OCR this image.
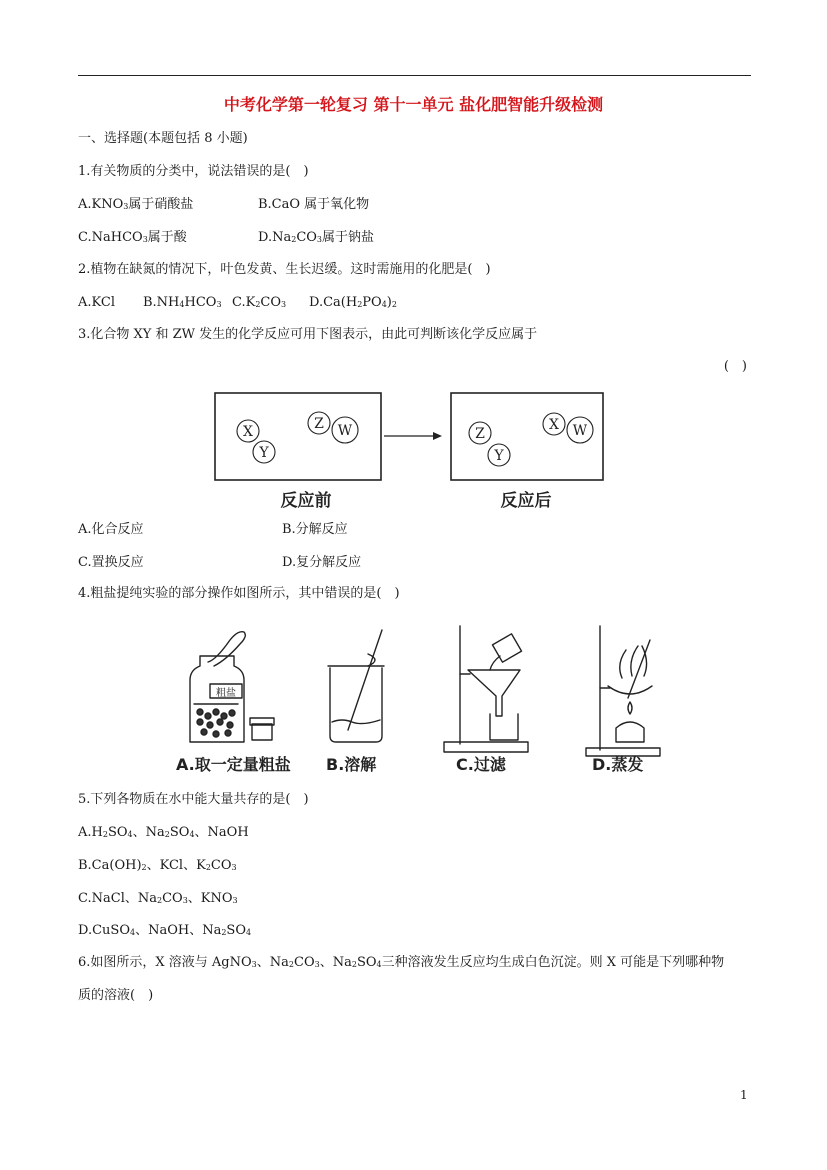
中考化学第一轮复习 第十一单元 盐化肥智能升级检测
一、选择题(本题包括 8 小题)
1.有关物质的分类中，说法错误的是(　)
$A.KNO_3$属于硝酸盐	B.CaO 属于氧化物
C.NaHCO$_3$属于酸	$D.Na_2CO_3$属于钠盐
2.植物在缺氮的情况下，叶色发黄、生长迟缓。这时需施用的化肥是(　)
A.KCl $B.NH_4HCO_3$ $C.K_2CO_3$ $D.Ca(H_2PO_4)_2$
3.化合物 XY 和 ZW 发生的化学反应可用下图表示，由此可判断该化学反应属于
(　)
X
Y
Z W	Z
Y
X W
反应前	反应后
A.化合反应	B.分解反应
C.置换反应	D.复分解反应
4.粗盐提纯实验的部分操作如图所示，其中错误的是(　)
粗盐
A.取一定量粗盐 B.溶解	C.过滤	D.蒸发
5.下列各物质在水中能大量共存的是(　)
$A.H_2SO_4$、$Na_2SO_4$、NaOH
$B.Ca(OH)_2$、KCl、$K_2CO_3$
C.NaCl、$Na_2CO_3$、$KNO_3$
D.CuSO$_4$、NaOH、$Na_2SO_4$
6.如图所示，X 溶液与 AgNO$_3$、$Na_2CO_3$、$Na_2SO_4$三种溶液发生反应均生成白色沉淀。则 X 可能是下列哪种物
质的溶液(　)
1
